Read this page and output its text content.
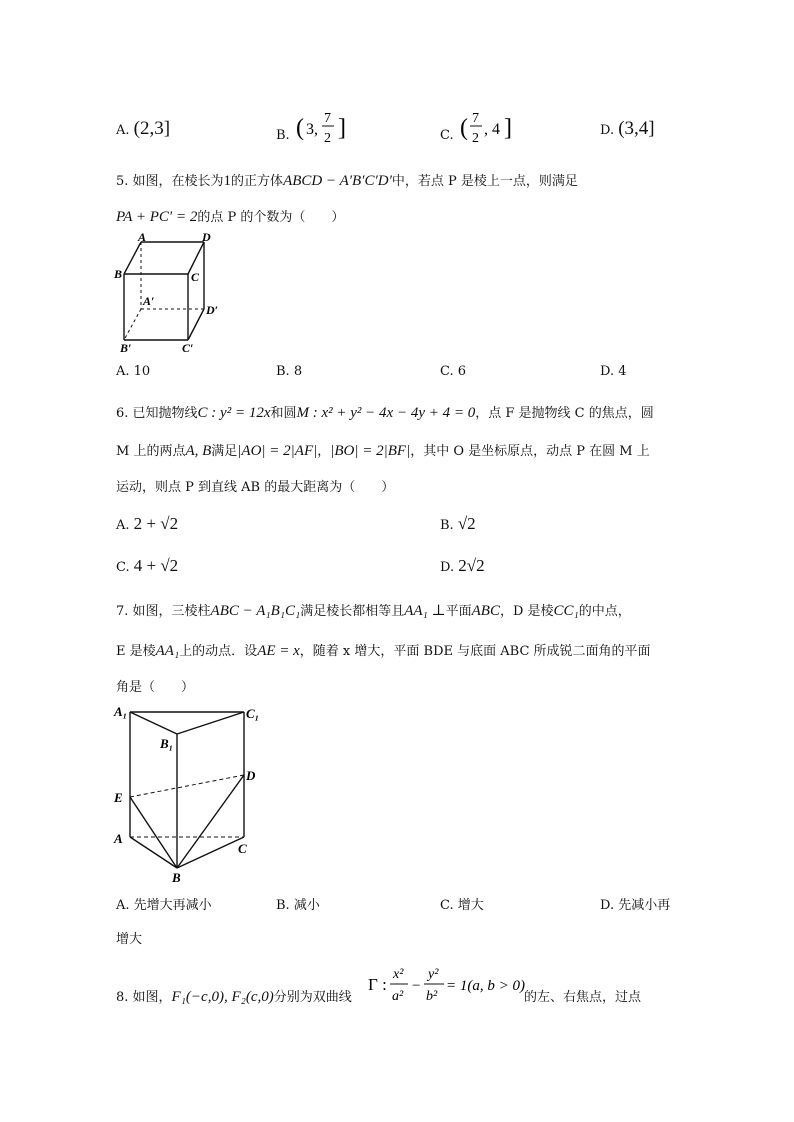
A. (2,3]	B. ( 3,
7
2 ]	C. ( 7
2
, 4 ]	D. (3,4]
5. 如图，在棱长为1的正方体ABCD − A′B′C′D′中，若点 P 是棱上一点，则满足
PA + PC′ = 2的点 P 的个数为（　　）
A	D
B	C
A′
D′
B′	C′
A. 10	B. 8	C. 6	D. 4
6. 已知抛物线C : y² = 12x和圆M : x² + y² − 4x − 4y + 4 = 0，点 F 是抛物线 C 的焦点，圆
M 上的两点A, B满足|AO| = 2|AF|，|BO| = 2|BF|，其中 O 是坐标原点，动点 P 在圆 M 上
运动，则点 P 到直线 AB 的最大距离为（　　）
A. 2 + √2	B. √2
C. 4 + √2	D. 2√2
7. 如图，三棱柱ABC − A₁B₁C₁满足棱长都相等且AA₁ ⊥平面ABC，D 是棱CC₁的中点，
E 是棱AA₁上的动点．设AE = x，随着 x 增大，平面 BDE 与底面 ABC 所成锐二面角的平面
角是（　　）
A₁	C₁
B₁
D
E
A
C
B
A. 先增大再减小	B. 减小	C. 增大	D. 先减小再
增大
8. 如图，F₁(−c,0), F₂(c,0)分别为双曲线
Γ :
x²
a²
−
y²
b²
= 1(a, b > 0)
的左、右焦点，过点
